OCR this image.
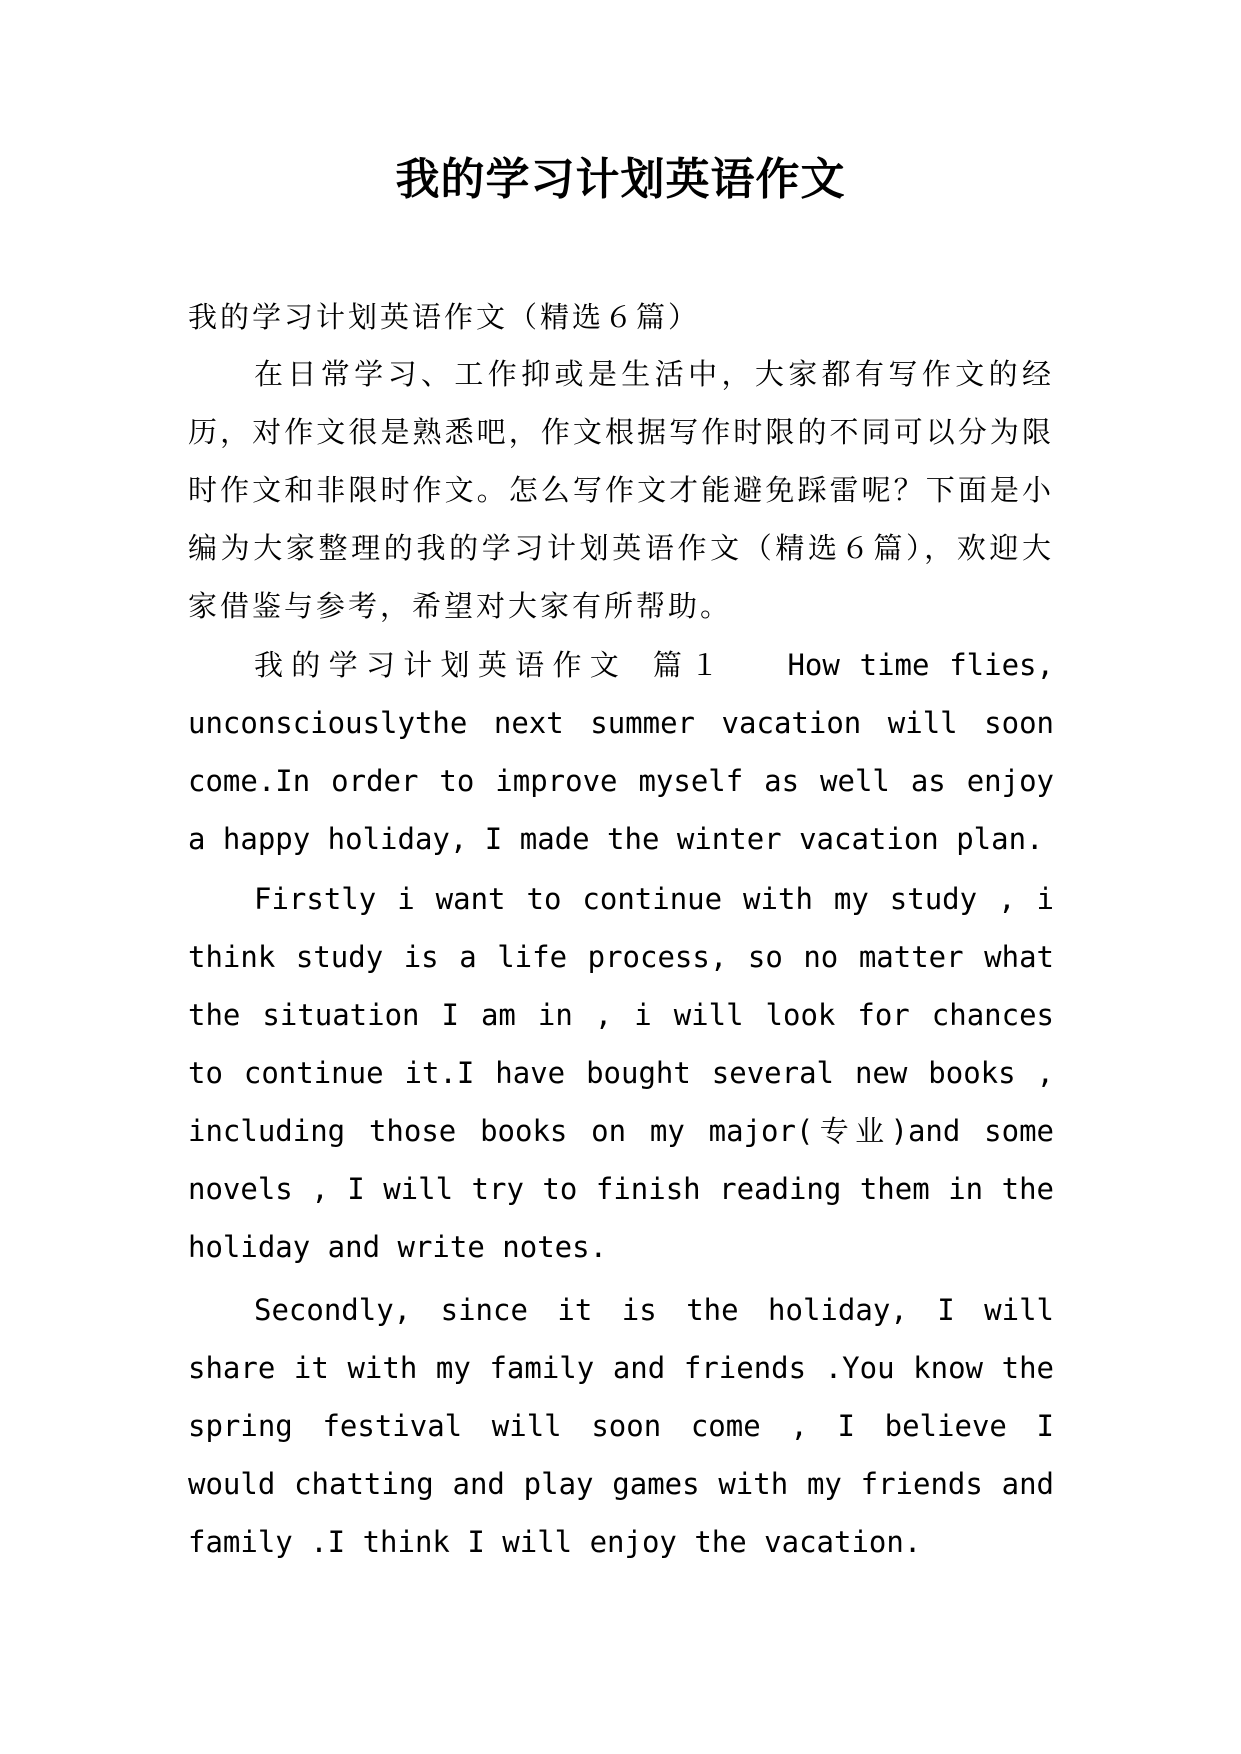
我的学习计划英语作文

我的学习计划英语作文（精选６篇）

在日常学习、工作抑或是生活中，大家都有写作文的经历，对作文很是熟悉吧，作文根据写作时限的不同可以分为限时作文和非限时作文。怎么写作文才能避免踩雷呢？下面是小编为大家整理的我的学习计划英语作文（精选６篇），欢迎大家借鉴与参考，希望对大家有所帮助。

我的学习计划英语作文 篇１ How time flies, unconsciouslythe next summer vacation will soon come.In order to improve myself as well as enjoy a happy holiday, I made the winter vacation plan.

Firstly i want to continue with my study , i think study is a life process, so no matter what the situation I am in , i will look for chances to continue it.I have bought several new books , including those books on my major(专业)and some novels , I will try to finish reading them in the holiday and write notes.

Secondly, since it is the holiday, I will share it with my family and friends .You know the spring festival will soon come , I believe I would chatting and play games with my friends and family .I think I will enjoy the vacation.
